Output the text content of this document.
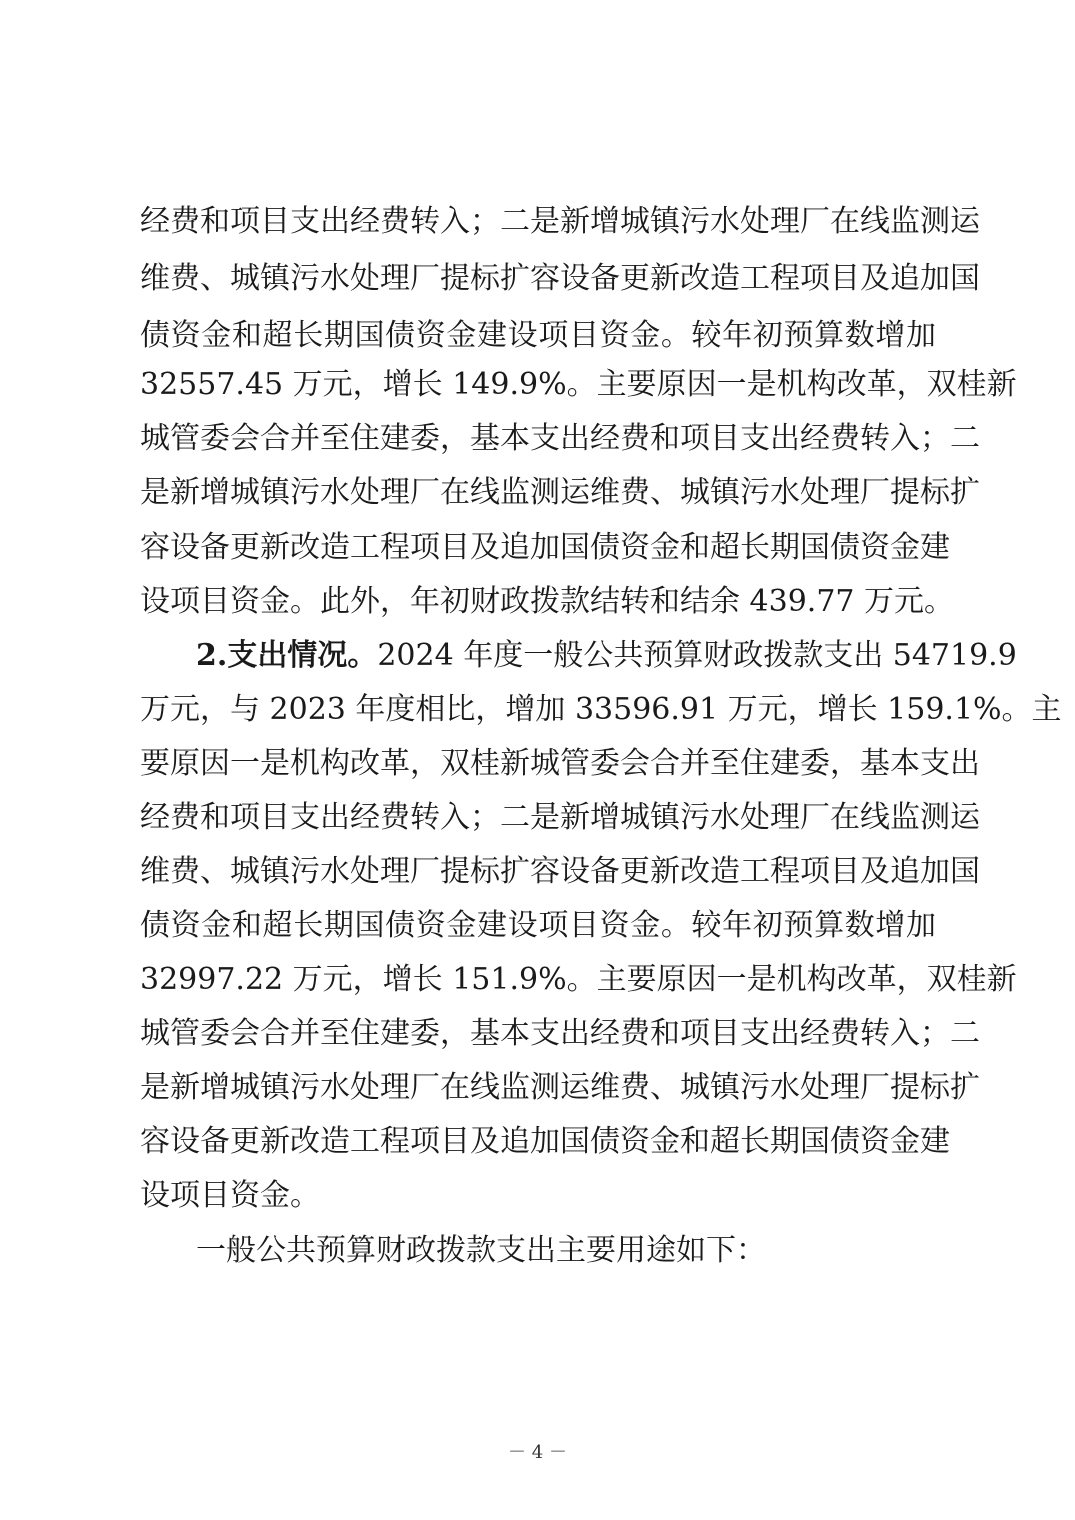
经费和项目支出经费转入；二是新增城镇污水处理厂在线监测运
维费、城镇污水处理厂提标扩容设备更新改造工程项目及追加国
债资金和超长期国债资金建设项目资金。较年初预算数增加
32557.45 万元，增长 149.9%。主要原因一是机构改革，双桂新
城管委会合并至住建委，基本支出经费和项目支出经费转入；二
是新增城镇污水处理厂在线监测运维费、城镇污水处理厂提标扩
容设备更新改造工程项目及追加国债资金和超长期国债资金建
设项目资金。此外，年初财政拨款结转和结余 439.77 万元。
2.支出情况。2024 年度一般公共预算财政拨款支出 54719.9
万元，与 2023 年度相比，增加 33596.91 万元，增长 159.1%。主
要原因一是机构改革，双桂新城管委会合并至住建委，基本支出
经费和项目支出经费转入；二是新增城镇污水处理厂在线监测运
维费、城镇污水处理厂提标扩容设备更新改造工程项目及追加国
债资金和超长期国债资金建设项目资金。较年初预算数增加
32997.22 万元，增长 151.9%。主要原因一是机构改革，双桂新
城管委会合并至住建委，基本支出经费和项目支出经费转入；二
是新增城镇污水处理厂在线监测运维费、城镇污水处理厂提标扩
容设备更新改造工程项目及追加国债资金和超长期国债资金建
设项目资金。
一般公共预算财政拨款支出主要用途如下：
－ 4 －
